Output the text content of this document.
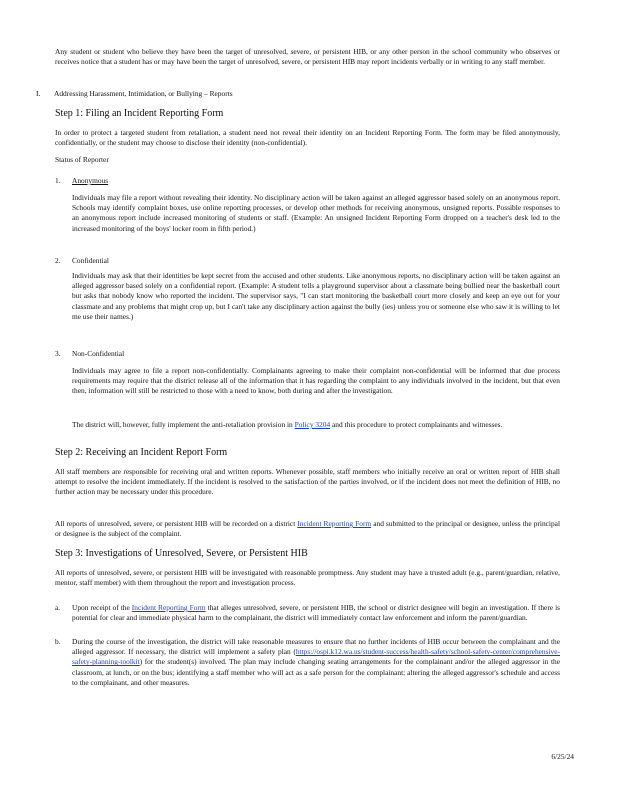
Any student or student who believe they have been the target of unresolved, severe, or persistent HIB, or any other person in the school community who observes or receives notice that a student has or may have been the target of unresolved, severe, or persistent HIB may report incidents verbally or in writing to any staff member.

I. Addressing Harassment, Intimidation, or Bullying – Reports
Step 1: Filing an Incident Reporting Form

In order to protect a targeted student from retaliation, a student need not reveal their identity on an Incident Reporting Form. The form may be filed anonymously, confidentially, or the student may choose to disclose their identity (non-confidential).

Status of Reporter
1. Anonymous

Individuals may file a report without revealing their identity. No disciplinary action will be taken against an alleged aggressor based solely on an anonymous report. Schools may identify complaint boxes, use online reporting processes, or develop other methods for receiving anonymous, unsigned reports. Possible responses to an anonymous report include increased monitoring of students or staff. (Example: An unsigned Incident Reporting Form dropped on a teacher's desk led to the increased monitoring of the boys' locker room in fifth period.)

2. Confidential

Individuals may ask that their identities be kept secret from the accused and other students. Like anonymous reports, no disciplinary action will be taken against an alleged aggressor based solely on a confidential report. (Example: A student tells a playground supervisor about a classmate being bullied near the basketball court but asks that nobody know who reported the incident. The supervisor says, "I can start monitoring the basketball court more closely and keep an eye out for your classmate and any problems that might crop up, but I can't take any disciplinary action against the bully (ies) unless you or someone else who saw it is willing to let me use their names.)

3. Non-Confidential

Individuals may agree to file a report non-confidentially. Complainants agreeing to make their complaint non-confidential will be informed that due process requirements may require that the district release all of the information that it has regarding the complaint to any individuals involved in the incident, but that even then, information will still be restricted to those with a need to know, both during and after the investigation.

The district will, however, fully implement the anti-retaliation provision in Policy 3204 and this procedure to protect complainants and witnesses.

Step 2: Receiving an Incident Report Form

All staff members are responsible for receiving oral and written reports. Whenever possible, staff members who initially receive an oral or written report of HIB shall attempt to resolve the incident immediately. If the incident is resolved to the satisfaction of the parties involved, or if the incident does not meet the definition of HIB, no further action may be necessary under this procedure.

All reports of unresolved, severe, or persistent HIB will be recorded on a district Incident Reporting Form and submitted to the principal or designee, unless the principal or designee is the subject of the complaint.

Step 3: Investigations of Unresolved, Severe, or Persistent HIB

All reports of unresolved, severe, or persistent HIB will be investigated with reasonable promptness. Any student may have a trusted adult (e.g., parent/guardian, relative, mentor, staff member) with them throughout the report and investigation process.

a. Upon receipt of the Incident Reporting Form that alleges unresolved, severe, or persistent HIB, the school or district designee will begin an investigation. If there is potential for clear and immediate physical harm to the complainant, the district will immediately contact law enforcement and inform the parent/guardian.

b. During the course of the investigation, the district will take reasonable measures to ensure that no further incidents of HIB occur between the complainant and the alleged aggressor. If necessary, the district will implement a safety plan (https://ospi.k12.wa.us/student-success/health-safety/school-safety-center/comprehensive-safety-planning-toolkit) for the student(s) involved. The plan may include changing seating arrangements for the complainant and/or the alleged aggressor in the classroom, at lunch, or on the bus; identifying a staff member who will act as a safe person for the complainant; altering the alleged aggressor's schedule and access to the complainant, and other measures.

6/25/24
